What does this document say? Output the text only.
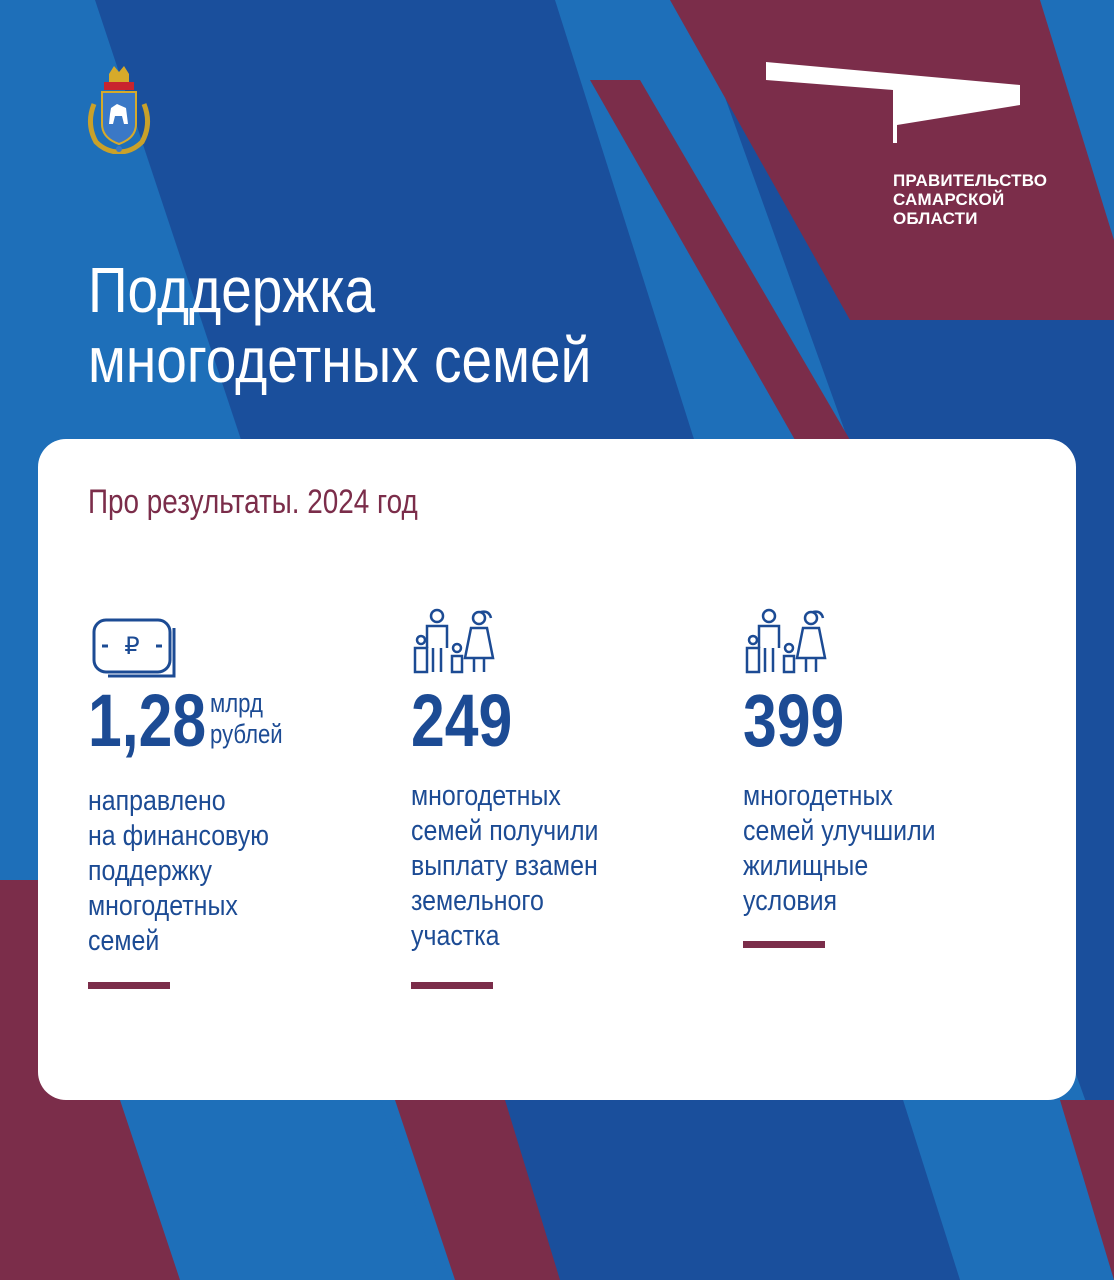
ПРАВИТЕЛЬСТВО
САМАРСКОЙ
ОБЛАСТИ
Поддержка
многодетных семей
Про результаты. 2024 год
₽
1,28 млрд
рублей
направлено
на финансовую
поддержку
многодетных
семей
249
многодетных
семей получили
выплату взамен
земельного
участка
399
многодетных
семей улучшили
жилищные
условия
